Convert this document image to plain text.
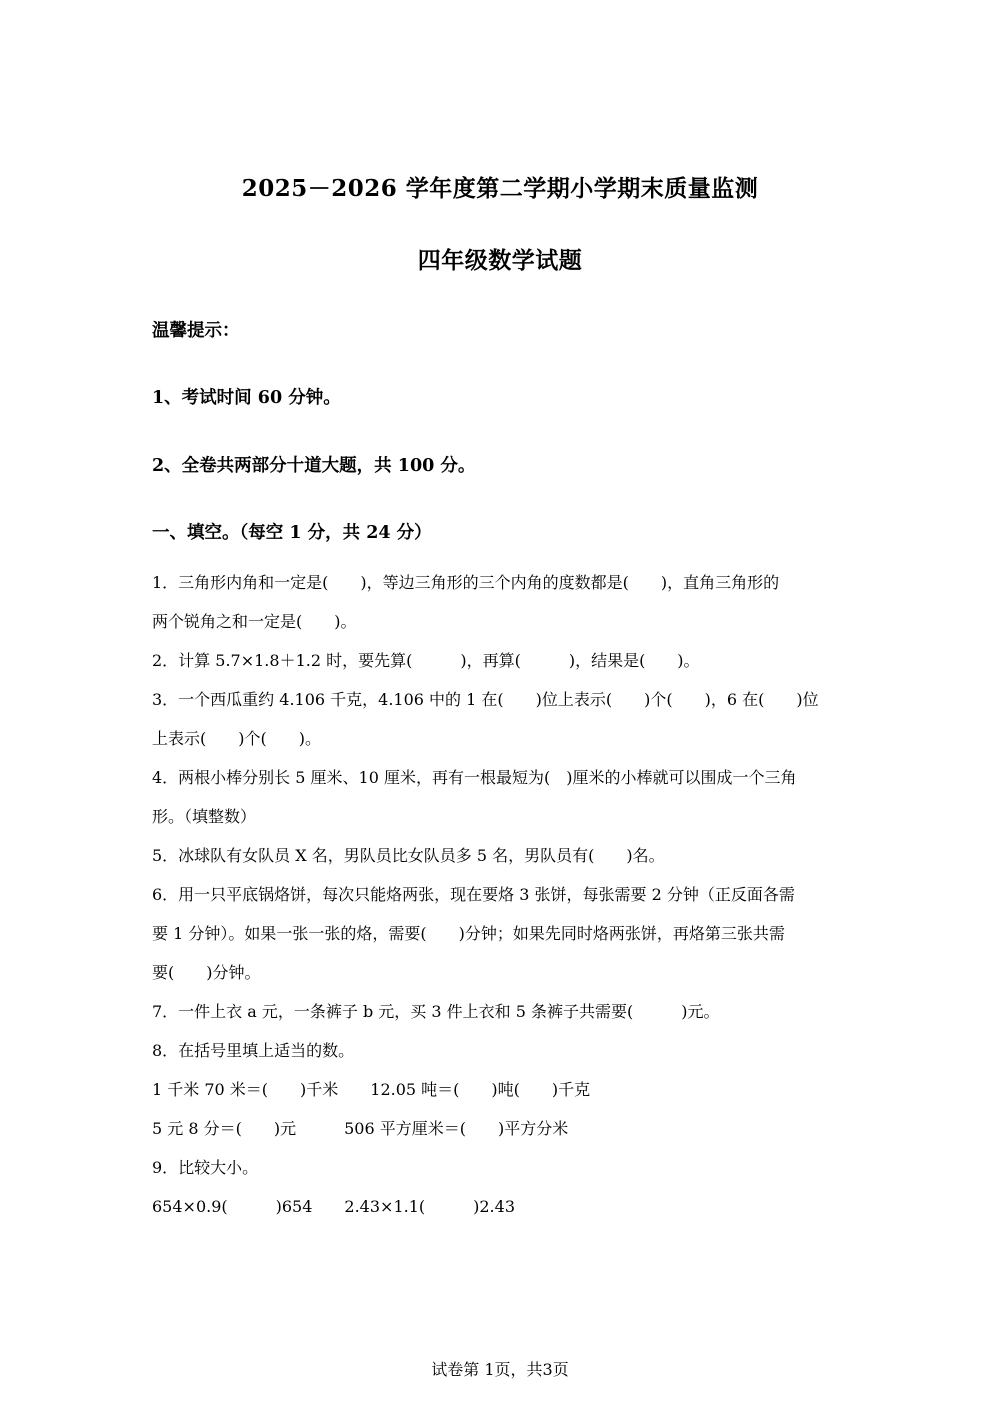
2025－2026 学年度第二学期小学期末质量监测
四年级数学试题
温馨提示：
1、考试时间 60 分钟。
2、全卷共两部分十道大题，共 100 分。
一、填空。（每空 1 分，共 24 分）
1．三角形内角和一定是(　　)，等边三角形的三个内角的度数都是(　　)，直角三角形的
两个锐角之和一定是(　　)。
2．计算 5.7×1.8＋1.2 时，要先算(　　　)，再算(　　　)，结果是(　　)。
3．一个西瓜重约 4.106 千克，4.106 中的 1 在(　　)位上表示(　　)个(　　)，6 在(　　)位
上表示(　　)个(　　)。
4．两根小棒分别长 5 厘米、10 厘米，再有一根最短为(　)厘米的小棒就可以围成一个三角
形。（填整数）
5．冰球队有女队员 X 名，男队员比女队员多 5 名，男队员有(　　)名。
6．用一只平底锅烙饼，每次只能烙两张，现在要烙 3 张饼，每张需要 2 分钟（正反面各需
要 1 分钟）。如果一张一张的烙，需要(　　)分钟；如果先同时烙两张饼，再烙第三张共需
要(　　)分钟。
7．一件上衣 a 元，一条裤子 b 元，买 3 件上衣和 5 条裤子共需要(　　　)元。
8．在括号里填上适当的数。
1 千米 70 米＝(　　)千米　　12.05 吨＝(　　)吨(　　)千克
5 元 8 分＝(　　)元　　　506 平方厘米＝(　　)平方分米
9．比较大小。
654×0.9(　　　)654　　2.43×1.1(　　　)2.43
试卷第 1页，共3页
